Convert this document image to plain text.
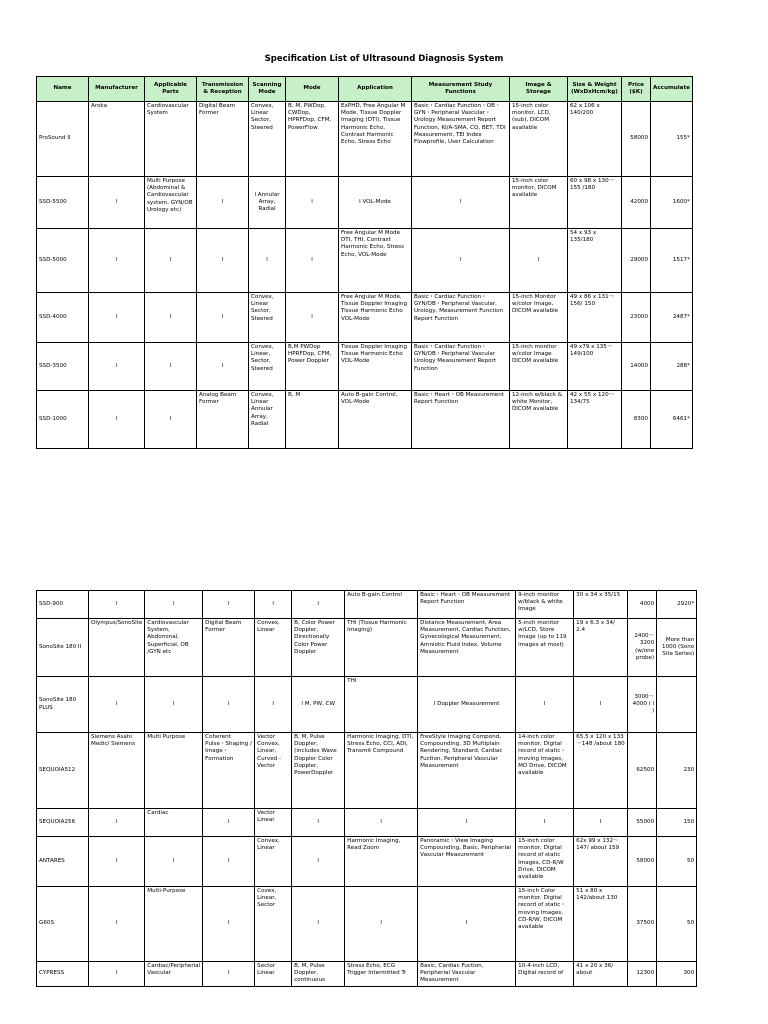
Specification List of Ultrasound Diagnosis System
Name	Manufacturer	Applicable Parts	Transmission & Reception	Scanning Mode	Mode	Application	Measurement Study Functions	Image & Storage	Size & Weight (WxDxHcm/kg)	Price ($K)	Accumulate
ProSound II	Aroka	Cardiovascular System	Digital Beam Former	Convex, Linear Sector, Steered	B, M, PWDop, CWDop, HPRFDop, CFM, PowerFlow	ExPHD, Free Angular M Mode, Tissue Doppler Imaging (DTI), Tissue Harmonic Echo, Contrast Harmonic Echo, Stress Echo	Basic・Cardiac Function・OB・GYN・Peripheral Vascular・Urology Measurement Report Function, KI/A-SMA, CQ, BET, TDI Measurement, TEI Index Flowprofile, User Calculation	15-inch color monitor, LCD, (sub), DICOM available	62 x 106 x 140/200	58000	155*
SSD-5500	l	Multi Purpose (Abdominal & Cardiovascular system, GYN/OB Urology etc)	l	l Annular Array, Radial	l	l VOL-Mode	l	15-inch color monitor, DICOM available	60 x 98 x 130～155 /180	42000	1600*
SSD-5000	l	l	l	l	l	Free Angular M Mode DTI, THI, Contrast Harmonic Echo, Stress Echo, VOL-Mode	l	l	54 x 93 x 135/180	29000	1517*
SSD-4000	l	l	l	Convex, Linear Sector, Steered	l	Free Angular M Mode, Tissue Doppler Imaging Tissue Harmonic Echo VOL-Mode	Basic・Cardiac Function・GYN/OB・Peripheral Vascular, Urology, Measurement Function Report Function	15-inch Monitor w/color Image, DICOM available	49 x 86 x 131～156/ 150	23000	2487*
SSD-3500	l	l	l	Convex, Linear, Sector, Steered	B,M PWDop HPRFDop, CFM, Power Doppler	Tissue Doppler Imaging Tissue Harmonic Echo VOL-Mode	Basic・Cardiac Function・GYN/OB・Peripheral Vascular Urology Measurement Report Function	15-inch monitor w/color Image DICOM available	49 x79 x 135～149/100	14000	288*
SSD-1000	l	l	Analog Beam Former	Convex, Linear Annular Array, Radial	B, M	Auto B-gain Control, VOL-Mode	Basic・Heart・OB Measurement Report Function	12-inch w/black & white Monitor, DICOM available	42 x 55 x 120～134/75	8300	6461*
SSD-900	l	l	l	l	l	Auto B-gain Control	Basic・Heart・OB Measurement Report Function	9-inch monitor w/black & white Image	30 x 34 x 35/15	4000	2920*
SonoSite 180 II	Olympus/SonoSite	Cardiovascular System, Abdominal, Superficial, OB /GYN etc	Digital Beam Former	Convex, Linear	B, Color Power Doppler, Directionally Color Power Doppler	THI (Tissue Harmonic Imaging)	Distance Measurement, Area Measurement, Cardiac Function, Gynecological Measurement, Amniotic Fluid Index, Volume Measurement	5-inch monitor w/LCD, Store Image (up to 119 images at most)	19 x 6.3 x 34/ 2.4	2400～3200 (w/one probe)	More than 1000 (Sono Site Series)
SonoSite 180 PLUS	l	l	l	l	l M, PW, CW	THI	l Doppler Measurement	l	l	3000～4000 ( l )	
SEQUOIA512	Siemens Asahi Medic/ Siemens	Multi Purpose	Coherent Pulse・Shaping / Image・Formation	Vector Convex, Linear, Curved - Vector	B, M, Pulse Doppler, (includes Wave Doppler Color Doppler, PowerDoppler	Harmonic Imaging, DTI, Stress Echo, CCI, ADI, Transmit Compound	FreeStyle Imaging Compond, Compounding, 3D Multiplain Rendering, Standard, Cardiac Fuction, Peripheral Vascular Measurement	14-inch color monitor, Digital record of static・moving Images, MO Drive, DICOM available	65.5 x 120 x 133～148 /about 180	62500	230
SEQUOIA256	l	Cardiac	l	Vector Linear	l	l	l	l	l	55000	150
ANTARES	l	l	l	Convex, Linear	l	Harmonic Imaging, Read Zoom	Panoramic・View Imaging Compounding, Basic, Peripherial Vascular Measurement	15-inch color monitor, Digital record of static Images, CD-R/W Drive, DICOM available	62x 99 x 132～147/ about 159	58000	50
G60S	l	Multi-Purpose	l	Covex, Linear, Sector	l	l	l	15-inch Color monitor, Digital record of static・moving Images, CD-R/W, DICOM available	51 x 80 x 142/about 130	37500	50
CYPRESS	l	Cardiac/Peripherial Vascular	l	Sector Linear	B, M, Pulse Doppler, continuous	Stress Echo, ECG Trigger Intermitted Tr	Basic, Cardiac Fuction, Peripherial Vascular Measurement	10.4-inch LCD, Digital record of	41 x 20 x 36/ about	12300	300
